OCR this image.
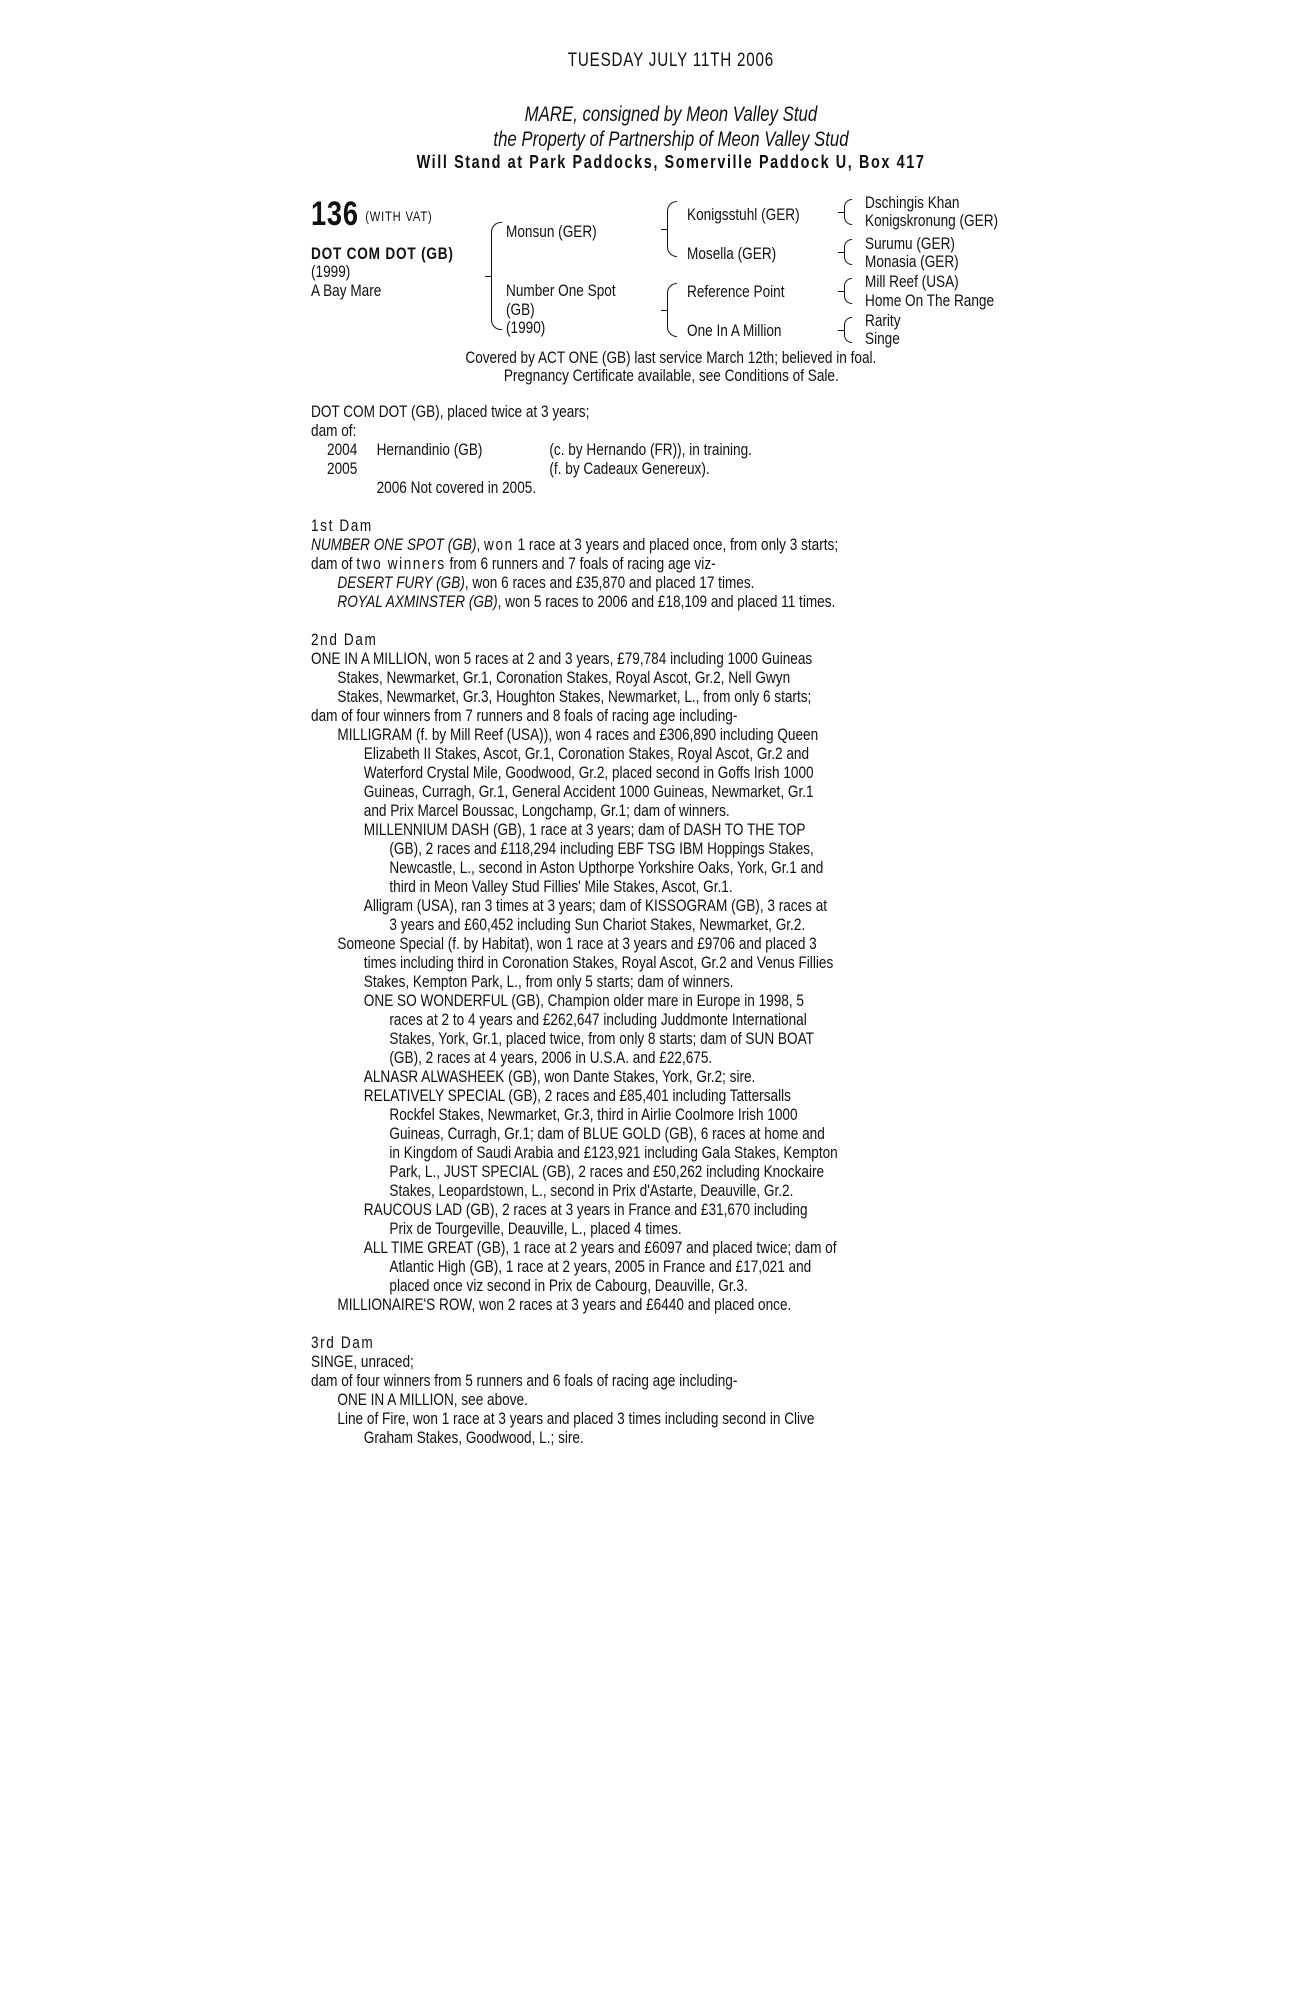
TUESDAY JULY 11TH 2006
MARE, consigned by Meon Valley Stud
the Property of Partnership of Meon Valley Stud
Will Stand at Park Paddocks, Somerville Paddock U, Box 417
136 (WITH VAT)
DOT COM DOT (GB)
(1999)
A Bay Mare
Monsun (GER)
Number One Spot
(GB)
(1990)
Konigsstuhl (GER)
Mosella (GER)
Reference Point
One In A Million
Dschingis Khan
Konigskronung (GER)
Surumu (GER)
Monasia (GER)
Mill Reef (USA)
Home On The Range
Rarity
Singe
Covered by ACT ONE (GB) last service March 12th; believed in foal.
Pregnancy Certificate available, see Conditions of Sale.
DOT COM DOT (GB), placed twice at 3 years;
dam of:
2004 Hernandinio (GB)	(c. by Hernando (FR)), in training.
2005	(f. by Cadeaux Genereux).
2006 Not covered in 2005.
1st Dam
NUMBER ONE SPOT (GB), won 1 race at 3 years and placed once, from only 3 starts;
dam of two winners from 6 runners and 7 foals of racing age viz-
DESERT FURY (GB), won 6 races and £35,870 and placed 17 times.
ROYAL AXMINSTER (GB), won 5 races to 2006 and £18,109 and placed 11 times.
2nd Dam
ONE IN A MILLION, won 5 races at 2 and 3 years, £79,784 including 1000 Guineas
Stakes, Newmarket, Gr.1, Coronation Stakes, Royal Ascot, Gr.2, Nell Gwyn
Stakes, Newmarket, Gr.3, Houghton Stakes, Newmarket, L., from only 6 starts;
dam of four winners from 7 runners and 8 foals of racing age including-
MILLIGRAM (f. by Mill Reef (USA)), won 4 races and £306,890 including Queen
Elizabeth II Stakes, Ascot, Gr.1, Coronation Stakes, Royal Ascot, Gr.2 and
Waterford Crystal Mile, Goodwood, Gr.2, placed second in Goffs Irish 1000
Guineas, Curragh, Gr.1, General Accident 1000 Guineas, Newmarket, Gr.1
and Prix Marcel Boussac, Longchamp, Gr.1; dam of winners.
MILLENNIUM DASH (GB), 1 race at 3 years; dam of DASH TO THE TOP
(GB), 2 races and £118,294 including EBF TSG IBM Hoppings Stakes,
Newcastle, L., second in Aston Upthorpe Yorkshire Oaks, York, Gr.1 and
third in Meon Valley Stud Fillies' Mile Stakes, Ascot, Gr.1.
Alligram (USA), ran 3 times at 3 years; dam of KISSOGRAM (GB), 3 races at
3 years and £60,452 including Sun Chariot Stakes, Newmarket, Gr.2.
Someone Special (f. by Habitat), won 1 race at 3 years and £9706 and placed 3
times including third in Coronation Stakes, Royal Ascot, Gr.2 and Venus Fillies
Stakes, Kempton Park, L., from only 5 starts; dam of winners.
ONE SO WONDERFUL (GB), Champion older mare in Europe in 1998, 5
races at 2 to 4 years and £262,647 including Juddmonte International
Stakes, York, Gr.1, placed twice, from only 8 starts; dam of SUN BOAT
(GB), 2 races at 4 years, 2006 in U.S.A. and £22,675.
ALNASR ALWASHEEK (GB), won Dante Stakes, York, Gr.2; sire.
RELATIVELY SPECIAL (GB), 2 races and £85,401 including Tattersalls
Rockfel Stakes, Newmarket, Gr.3, third in Airlie Coolmore Irish 1000
Guineas, Curragh, Gr.1; dam of BLUE GOLD (GB), 6 races at home and
in Kingdom of Saudi Arabia and £123,921 including Gala Stakes, Kempton
Park, L., JUST SPECIAL (GB), 2 races and £50,262 including Knockaire
Stakes, Leopardstown, L., second in Prix d'Astarte, Deauville, Gr.2.
RAUCOUS LAD (GB), 2 races at 3 years in France and £31,670 including
Prix de Tourgeville, Deauville, L., placed 4 times.
ALL TIME GREAT (GB), 1 race at 2 years and £6097 and placed twice; dam of
Atlantic High (GB), 1 race at 2 years, 2005 in France and £17,021 and
placed once viz second in Prix de Cabourg, Deauville, Gr.3.
MILLIONAIRE'S ROW, won 2 races at 3 years and £6440 and placed once.
3rd Dam
SINGE, unraced;
dam of four winners from 5 runners and 6 foals of racing age including-
ONE IN A MILLION, see above.
Line of Fire, won 1 race at 3 years and placed 3 times including second in Clive
Graham Stakes, Goodwood, L.; sire.
